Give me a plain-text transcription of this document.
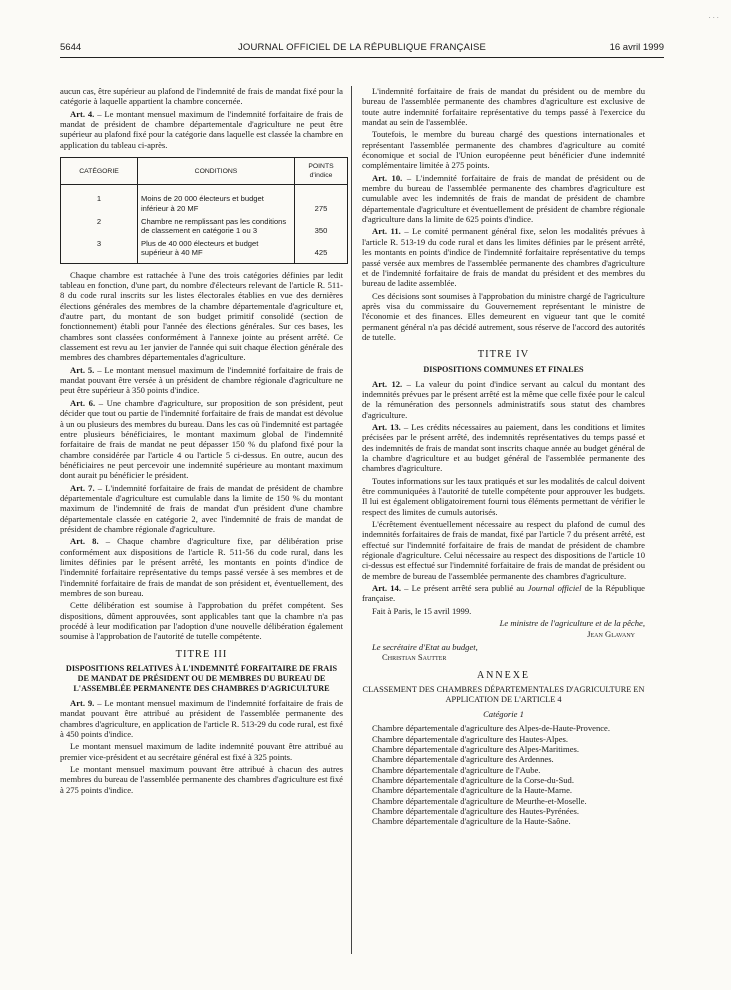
· · ·
5644	JOURNAL OFFICIEL DE LA RÉPUBLIQUE FRANÇAISE	16 avril 1999

aucun cas, être supérieur au plafond de l'indemnité de frais de mandat fixé pour la catégorie à laquelle appartient la chambre concernée.

Art. 4. – Le montant mensuel maximum de l'indemnité forfaitaire de frais de mandat de président de chambre départementale d'agriculture ne peut être supérieur au plafond fixé pour la catégorie dans laquelle est classée la chambre en application du tableau ci-après.

CATÉGORIE	CONDITIONS	POINTS d'indice
1	Moins de 20 000 électeurs et budget inférieur à 20 MF	275
2	Chambre ne remplissant pas les conditions de classement en catégorie 1 ou 3	350
3	Plus de 40 000 électeurs et budget supérieur à 40 MF	425

Chaque chambre est rattachée à l'une des trois catégories définies par ledit tableau en fonction, d'une part, du nombre d'électeurs relevant de l'article R. 511-8 du code rural inscrits sur les listes électorales établies en vue des dernières élections générales des membres de la chambre départementale d'agriculture et, d'autre part, du montant de son budget primitif consolidé (section de fonctionnement) établi pour l'année des élections générales. Sur ces bases, les chambres sont classées conformément à l'annexe jointe au présent arrêté. Ce classement est revu au 1er janvier de l'année qui suit chaque élection générale des membres des chambres départementales d'agriculture.

Art. 5. – Le montant mensuel maximum de l'indemnité forfaitaire de frais de mandat pouvant être versée à un président de chambre régionale d'agriculture ne peut être supérieur à 350 points d'indice.

Art. 6. – Une chambre d'agriculture, sur proposition de son président, peut décider que tout ou partie de l'indemnité forfaitaire de frais de mandat est dévolue à un ou plusieurs des membres du bureau. Dans les cas où l'indemnité est partagée entre plusieurs bénéficiaires, le montant maximum global de l'indemnité forfaitaire de frais de mandat ne peut dépasser 150 % du plafond fixé pour la chambre considérée par l'article 4 ou l'article 5 ci-dessus. En outre, aucun des bénéficiaires ne peut percevoir une indemnité supérieure au montant maximum dont aurait pu bénéficier le président.

Art. 7. – L'indemnité forfaitaire de frais de mandat de président de chambre départementale d'agriculture est cumulable dans la limite de 150 % du montant maximum de l'indemnité de frais de mandat d'un président d'une chambre départementale classée en catégorie 2, avec l'indemnité de frais de mandat de président de chambre régionale d'agriculture.

Art. 8. – Chaque chambre d'agriculture fixe, par délibération prise conformément aux dispositions de l'article R. 511-56 du code rural, dans les limites définies par le présent arrêté, les montants en points d'indice de l'indemnité forfaitaire représentative du temps passé versée à ses membres et de l'indemnité forfaitaire de frais de mandat de son président et, éventuellement, des membres de son bureau.

Cette délibération est soumise à l'approbation du préfet compétent. Ses dispositions, dûment approuvées, sont applicables tant que la chambre n'a pas procédé à leur modification par l'adoption d'une nouvelle délibération également soumise à l'approbation de l'autorité de tutelle compétente.

TITRE III
DISPOSITIONS RELATIVES À L'INDEMNITÉ FORFAITAIRE DE FRAIS DE MANDAT DE PRÉSIDENT OU DE MEMBRES DU BUREAU DE L'ASSEMBLÉE PERMANENTE DES CHAMBRES D'AGRICULTURE

Art. 9. – Le montant mensuel maximum de l'indemnité forfaitaire de frais de mandat pouvant être attribué au président de l'assemblée permanente des chambres d'agriculture, en application de l'article R. 513-29 du code rural, est fixé à 450 points d'indice.

Le montant mensuel maximum de ladite indemnité pouvant être attribué au premier vice-président et au secrétaire général est fixé à 325 points.

Le montant mensuel maximum pouvant être attribué à chacun des autres membres du bureau de l'assemblée permanente des chambres d'agriculture est fixé à 275 points d'indice.

L'indemnité forfaitaire de frais de mandat du président ou de membre du bureau de l'assemblée permanente des chambres d'agriculture est exclusive de toute autre indemnité forfaitaire représentative du temps passé à l'exercice du mandat au sein de l'assemblée.

Toutefois, le membre du bureau chargé des questions internationales et représentant l'assemblée permanente des chambres d'agriculture au comité économique et social de l'Union européenne peut bénéficier d'une indemnité complémentaire limitée à 275 points.

Art. 10. – L'indemnité forfaitaire de frais de mandat de président ou de membre du bureau de l'assemblée permanente des chambres d'agriculture est cumulable avec les indemnités de frais de mandat de président de chambre départementale d'agriculture et éventuellement de président de chambre régionale d'agriculture dans la limite de 625 points d'indice.

Art. 11. – Le comité permanent général fixe, selon les modalités prévues à l'article R. 513-19 du code rural et dans les limites définies par le présent arrêté, les montants en points d'indice de l'indemnité forfaitaire représentative du temps passé versée aux membres de l'assemblée permanente des chambres d'agriculture et de l'indemnité forfaitaire de frais de mandat du président et des membres du bureau de ladite assemblée.

Ces décisions sont soumises à l'approbation du ministre chargé de l'agriculture après visa du commissaire du Gouvernement représentant le ministre de l'économie et des finances. Elles demeurent en vigueur tant que le comité permanent général n'a pas décidé autrement, sous réserve de l'accord des autorités de tutelle.

TITRE IV
DISPOSITIONS COMMUNES ET FINALES

Art. 12. – La valeur du point d'indice servant au calcul du montant des indemnités prévues par le présent arrêté est la même que celle fixée pour le calcul de la rémunération des personnels administratifs sous statut des chambres d'agriculture.

Art. 13. – Les crédits nécessaires au paiement, dans les conditions et limites précisées par le présent arrêté, des indemnités représentatives du temps passé et des indemnités de frais de mandat sont inscrits chaque année au budget général de la chambre d'agriculture et au budget général de l'assemblée permanente des chambres d'agriculture.

Toutes informations sur les taux pratiqués et sur les modalités de calcul doivent être communiquées à l'autorité de tutelle compétente pour approuver les budgets. Il lui est également obligatoirement fourni tous éléments permettant de vérifier le respect des limites de cumuls autorisés.

L'écrêtement éventuellement nécessaire au respect du plafond de cumul des indemnités forfaitaires de frais de mandat, fixé par l'article 7 du présent arrêté, est effectué sur l'indemnité forfaitaire de frais de mandat de président de chambre régionale d'agriculture. Celui nécessaire au respect des dispositions de l'article 10 ci-dessus est effectué sur l'indemnité forfaitaire de frais de mandat de président ou de membre de bureau de l'assemblée permanente des chambres d'agriculture.

Art. 14. – Le présent arrêté sera publié au Journal officiel de la République française.

Fait à Paris, le 15 avril 1999.

Le ministre de l'agriculture et de la pêche,
Jean Glavany
Le secrétaire d'Etat au budget,
Christian Sautter
ANNEXE
CLASSEMENT DES CHAMBRES DÉPARTEMENTALES D'AGRICULTURE EN APPLICATION DE L'ARTICLE 4
Catégorie 1

Chambre départementale d'agriculture des Alpes-de-Haute-Provence.

Chambre départementale d'agriculture des Hautes-Alpes.

Chambre départementale d'agriculture des Alpes-Maritimes.

Chambre départementale d'agriculture des Ardennes.

Chambre départementale d'agriculture de l'Aube.

Chambre départementale d'agriculture de la Corse-du-Sud.

Chambre départementale d'agriculture de la Haute-Marne.

Chambre départementale d'agriculture de Meurthe-et-Moselle.

Chambre départementale d'agriculture des Hautes-Pyrénées.

Chambre départementale d'agriculture de la Haute-Saône.
